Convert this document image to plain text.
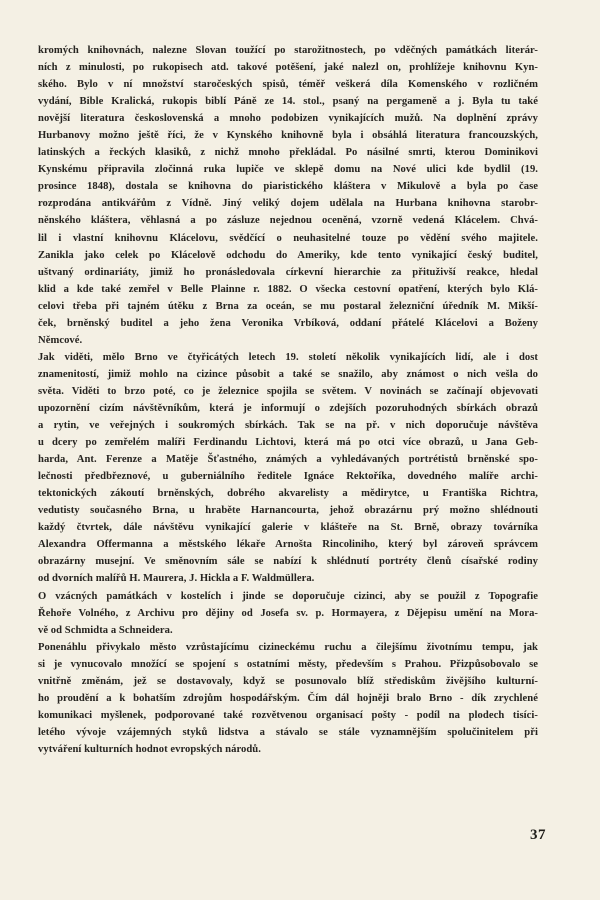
kromých knihovnách, nalezne Slovan toužící po starožitnostech, po vděčných památkách literár-
ních z minulosti, po rukopisech atd. takové potěšení, jaké nalezl on, prohlížeje knihovnu Kyn-
ského. Bylo v ní množství staročeských spisů, téměř veškerá díla Komenského v rozličném
vydání, Bible Kralická, rukopis biblí Páně ze 14. stol., psaný na pergameně a j. Byla tu také
novější literatura československá a mnoho podobizen vynikajících mužů. Na doplnění zprávy
Hurbanovy možno ještě říci, že v Kynského knihovně byla i obsáhlá literatura francouzských,
latinských a řeckých klasiků, z nichž mnoho překládal. Po násilné smrti, kterou Dominikovi
Kynskému připravila zločinná ruka lupiče ve sklepě domu na Nové ulici kde bydlil (19.
prosince 1848), dostala se knihovna do piaristického kláštera v Mikulově a byla po čase
rozprodána antikvářům z Vídně. Jiný veliký dojem udělala na Hurbana knihovna starobr-
něnského kláštera, věhlasná a po zásluze nejednou oceněná, vzorně vedená Klácelem. Chvá-
lil i vlastní knihovnu Klácelovu, svědčící o neuhasitelné touze po vědění svého majitele.
Zanikla jako celek po Klácelově odchodu do Ameriky, kde tento vynikající český buditel,
uštvaný ordinariáty, jimiž ho pronásledovala církevní hierarchie za přituživší reakce, hledal
klid a kde také zemřel v Belle Plainne r. 1882. O všecka cestovní opatření, kterých bylo Klá-
celovi třeba při tajném útěku z Brna za oceán, se mu postaral železniční úředník M. Mikší-
ček, brněnský buditel a jeho žena Veronika Vrbíková, oddaní přátelé Klácelovi a Boženy
Němcové.
Jak viděti, mělo Brno ve čtyřicátých letech 19. století několik vynikajících lidí, ale i dost
znamenitostí, jimiž mohlo na cizince působit a také se snažilo, aby známost o nich vešla do
světa. Viděti to brzo poté, co je železnice spojila se světem. V novinách se začínají objevovati
upozornění cizím návštěvníkům, která je informují o zdejších pozoruhodných sbírkách obrazů
a rytin, ve veřejných i soukromých sbírkách. Tak se na př. v nich doporučuje návštěva
u dcery po zemřelém malíři Ferdinandu Lichtovi, která má po otci více obrazů, u Jana Geb-
harda, Ant. Ferenze a Matěje Šťastného, známých a vyhledávaných portrétistů brněnské spo-
lečnosti předbřeznové, u guberniálního ředitele Ignáce Rektoříka, dovedného malíře archi-
tektonických zákoutí brněnských, dobrého akvarelisty a mědirytce, u Františka Richtra,
vedutisty současného Brna, u hraběte Harnancourta, jehož obrazárnu prý možno shlédnouti
každý čtvrtek, dále návštěvu vynikající galerie v klášteře na St. Brně, obrazy továrníka
Alexandra Offermanna a městského lékaře Arnošta Rincoliniho, který byl zároveň správcem
obrazárny musejní. Ve směnovním sále se nabízí k shlédnutí portréty členů císařské rodiny
od dvorních malířů H. Maurera, J. Hickla a F. Waldmüllera.
O vzácných památkách v kostelích i jinde se doporučuje cizinci, aby se použil z Topografie
Řehoře Volného, z Archivu pro dějiny od Josefa sv. p. Hormayera, z Dějepisu umění na Mora-
vě od Schmidta a Schneidera.
Ponenáhlu přivykalo město vzrůstajícímu cizineckému ruchu a čilejšímu životnímu tempu, jak
si je vynucovalo množící se spojení s ostatními městy, především s Prahou. Přizpůsobovalo se
vnitřně změnám, jež se dostavovaly, když se posunovalo blíž střediskům živějšího kulturní-
ho proudění a k bohatším zdrojům hospodářským. Čím dál hojněji bralo Brno - dík zrychlené
komunikaci myšlenek, podporované také rozvětvenou organisací pošty - podíl na plodech tisíci-
letého vývoje vzájemných styků lidstva a stávalo se stále vyznamnějším spolučinitelem při
vytváření kulturních hodnot evropských národů.
37
